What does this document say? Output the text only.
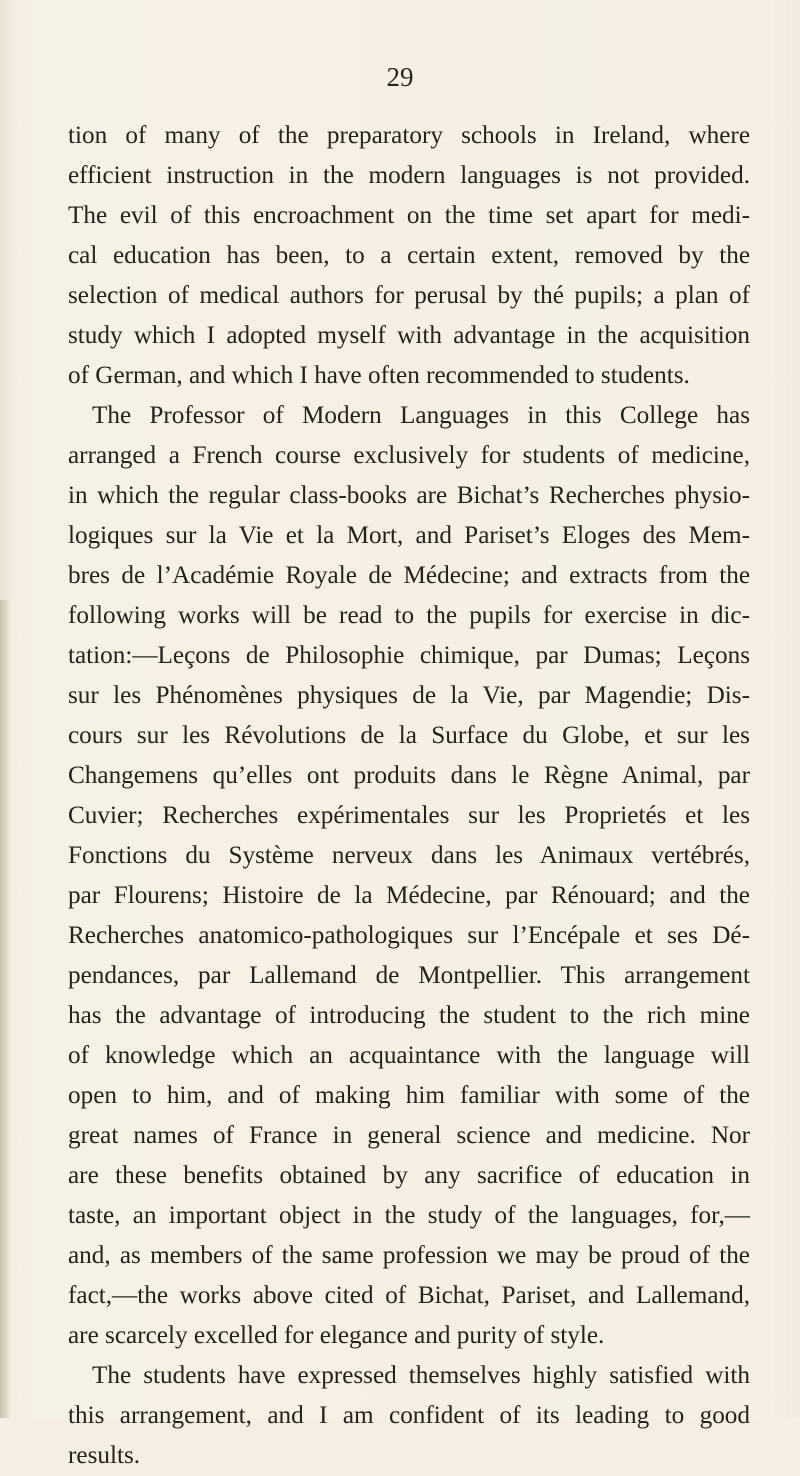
29

tion of many of the preparatory schools in Ireland, where
efficient instruction in the modern languages is not provided.
The evil of this encroachment on the time set apart for medi-
cal education has been, to a certain extent, removed by the
selection of medical authors for perusal by thé pupils; a plan of
study which I adopted myself with advantage in the acquisition
of German, and which I have often recommended to students.
The Professor of Modern Languages in this College has
arranged a French course exclusively for students of medicine,
in which the regular class-books are Bichat’s Recherches physio-
logiques sur la Vie et la Mort, and Pariset’s Eloges des Mem-
bres de l’Académie Royale de Médecine; and extracts from the
following works will be read to the pupils for exercise in dic-
tation:—Leçons de Philosophie chimique, par Dumas; Leçons
sur les Phénomènes physiques de la Vie, par Magendie; Dis-
cours sur les Révolutions de la Surface du Globe, et sur les
Changemens qu’elles ont produits dans le Règne Animal, par
Cuvier; Recherches expérimentales sur les Proprietés et les
Fonctions du Système nerveux dans les Animaux vertébrés,
par Flourens; Histoire de la Médecine, par Rénouard; and the
Recherches anatomico-pathologiques sur l’Encépale et ses Dé-
pendances, par Lallemand de Montpellier. This arrangement
has the advantage of introducing the student to the rich mine
of knowledge which an acquaintance with the language will
open to him, and of making him familiar with some of the
great names of France in general science and medicine. Nor
are these benefits obtained by any sacrifice of education in
taste, an important object in the study of the languages, for,—
and, as members of the same profession we may be proud of the
fact,—the works above cited of Bichat, Pariset, and Lallemand,
are scarcely excelled for elegance and purity of style.
The students have expressed themselves highly satisfied with
this arrangement, and I am confident of its leading to good
results.
